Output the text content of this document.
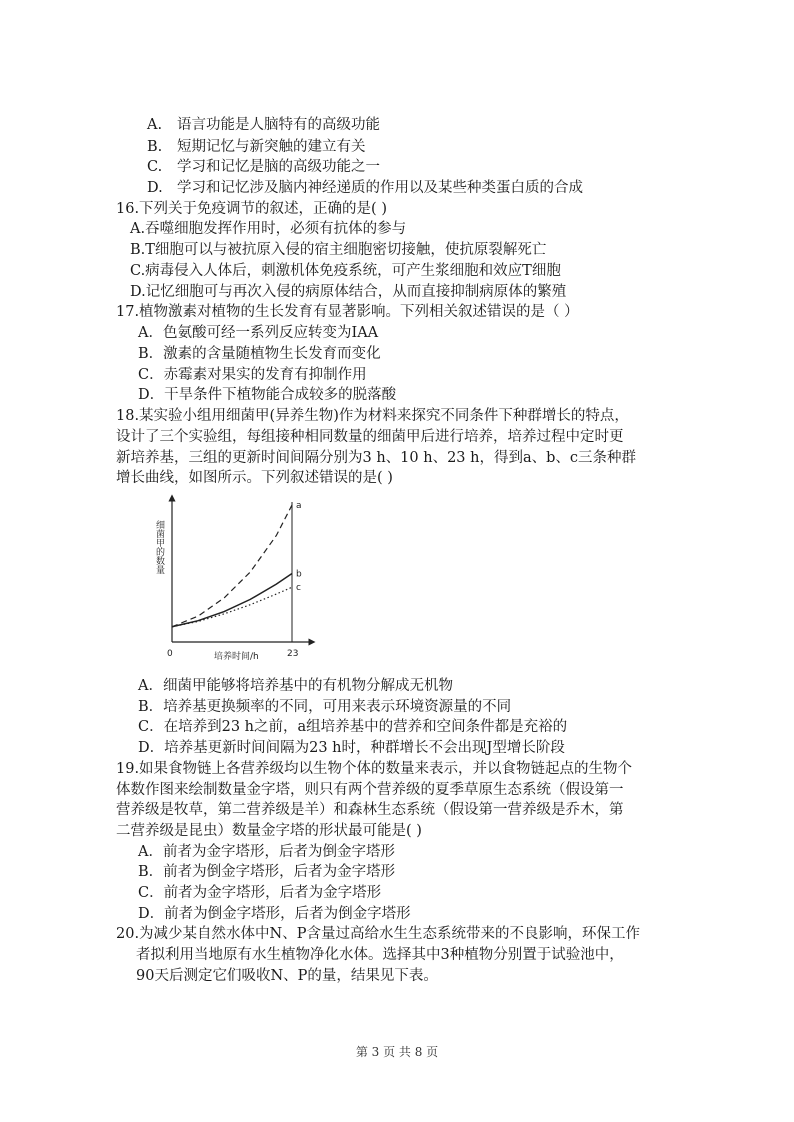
A. 语言功能是人脑特有的高级功能
B. 短期记忆与新突触的建立有关
C. 学习和记忆是脑的高级功能之一
D. 学习和记忆涉及脑内神经递质的作用以及某些种类蛋白质的合成
16.下列关于免疫调节的叙述，正确的是( )
A.吞噬细胞发挥作用时，必须有抗体的参与
B.T细胞可以与被抗原入侵的宿主细胞密切接触，使抗原裂解死亡
C.病毒侵入人体后，刺激机体免疫系统，可产生浆细胞和效应T细胞
D.记忆细胞可与再次入侵的病原体结合，从而直接抑制病原体的繁殖
17.植物激素对植物的生长发育有显著影响。下列相关叙述错误的是（ ）
A．色氨酸可经一系列反应转变为IAA
B．激素的含量随植物生长发育而变化
C．赤霉素对果实的发育有抑制作用
D．干旱条件下植物能合成较多的脱落酸
18.某实验小组用细菌甲(异养生物)作为材料来探究不同条件下种群增长的特点，
设计了三个实验组，每组接种相同数量的细菌甲后进行培养，培养过程中定时更
新培养基，三组的更新时间间隔分别为3 h、10 h、23 h，得到a、b、c三条种群
增长曲线，如图所示。下列叙述错误的是( )
a
b
c
细菌甲的数量
0	23
培养时间/h
A．细菌甲能够将培养基中的有机物分解成无机物
B．培养基更换频率的不同，可用来表示环境资源量的不同
C．在培养到23 h之前，a组培养基中的营养和空间条件都是充裕的
D．培养基更新时间间隔为23 h时，种群增长不会出现J型增长阶段
19.如果食物链上各营养级均以生物个体的数量来表示，并以食物链起点的生物个
体数作图来绘制数量金字塔，则只有两个营养级的夏季草原生态系统（假设第一
营养级是牧草，第二营养级是羊）和森林生态系统（假设第一营养级是乔木，第
二营养级是昆虫）数量金字塔的形状最可能是( )
A．前者为金字塔形，后者为倒金字塔形
B．前者为倒金字塔形，后者为金字塔形
C．前者为金字塔形，后者为金字塔形
D．前者为倒金字塔形，后者为倒金字塔形
20.为减少某自然水体中N、P含量过高给水生生态系统带来的不良影响，环保工作
者拟利用当地原有水生植物净化水体。选择其中3种植物分别置于试验池中，
90天后测定它们吸收N、P的量，结果见下表。
第 3 页 共 8 页
